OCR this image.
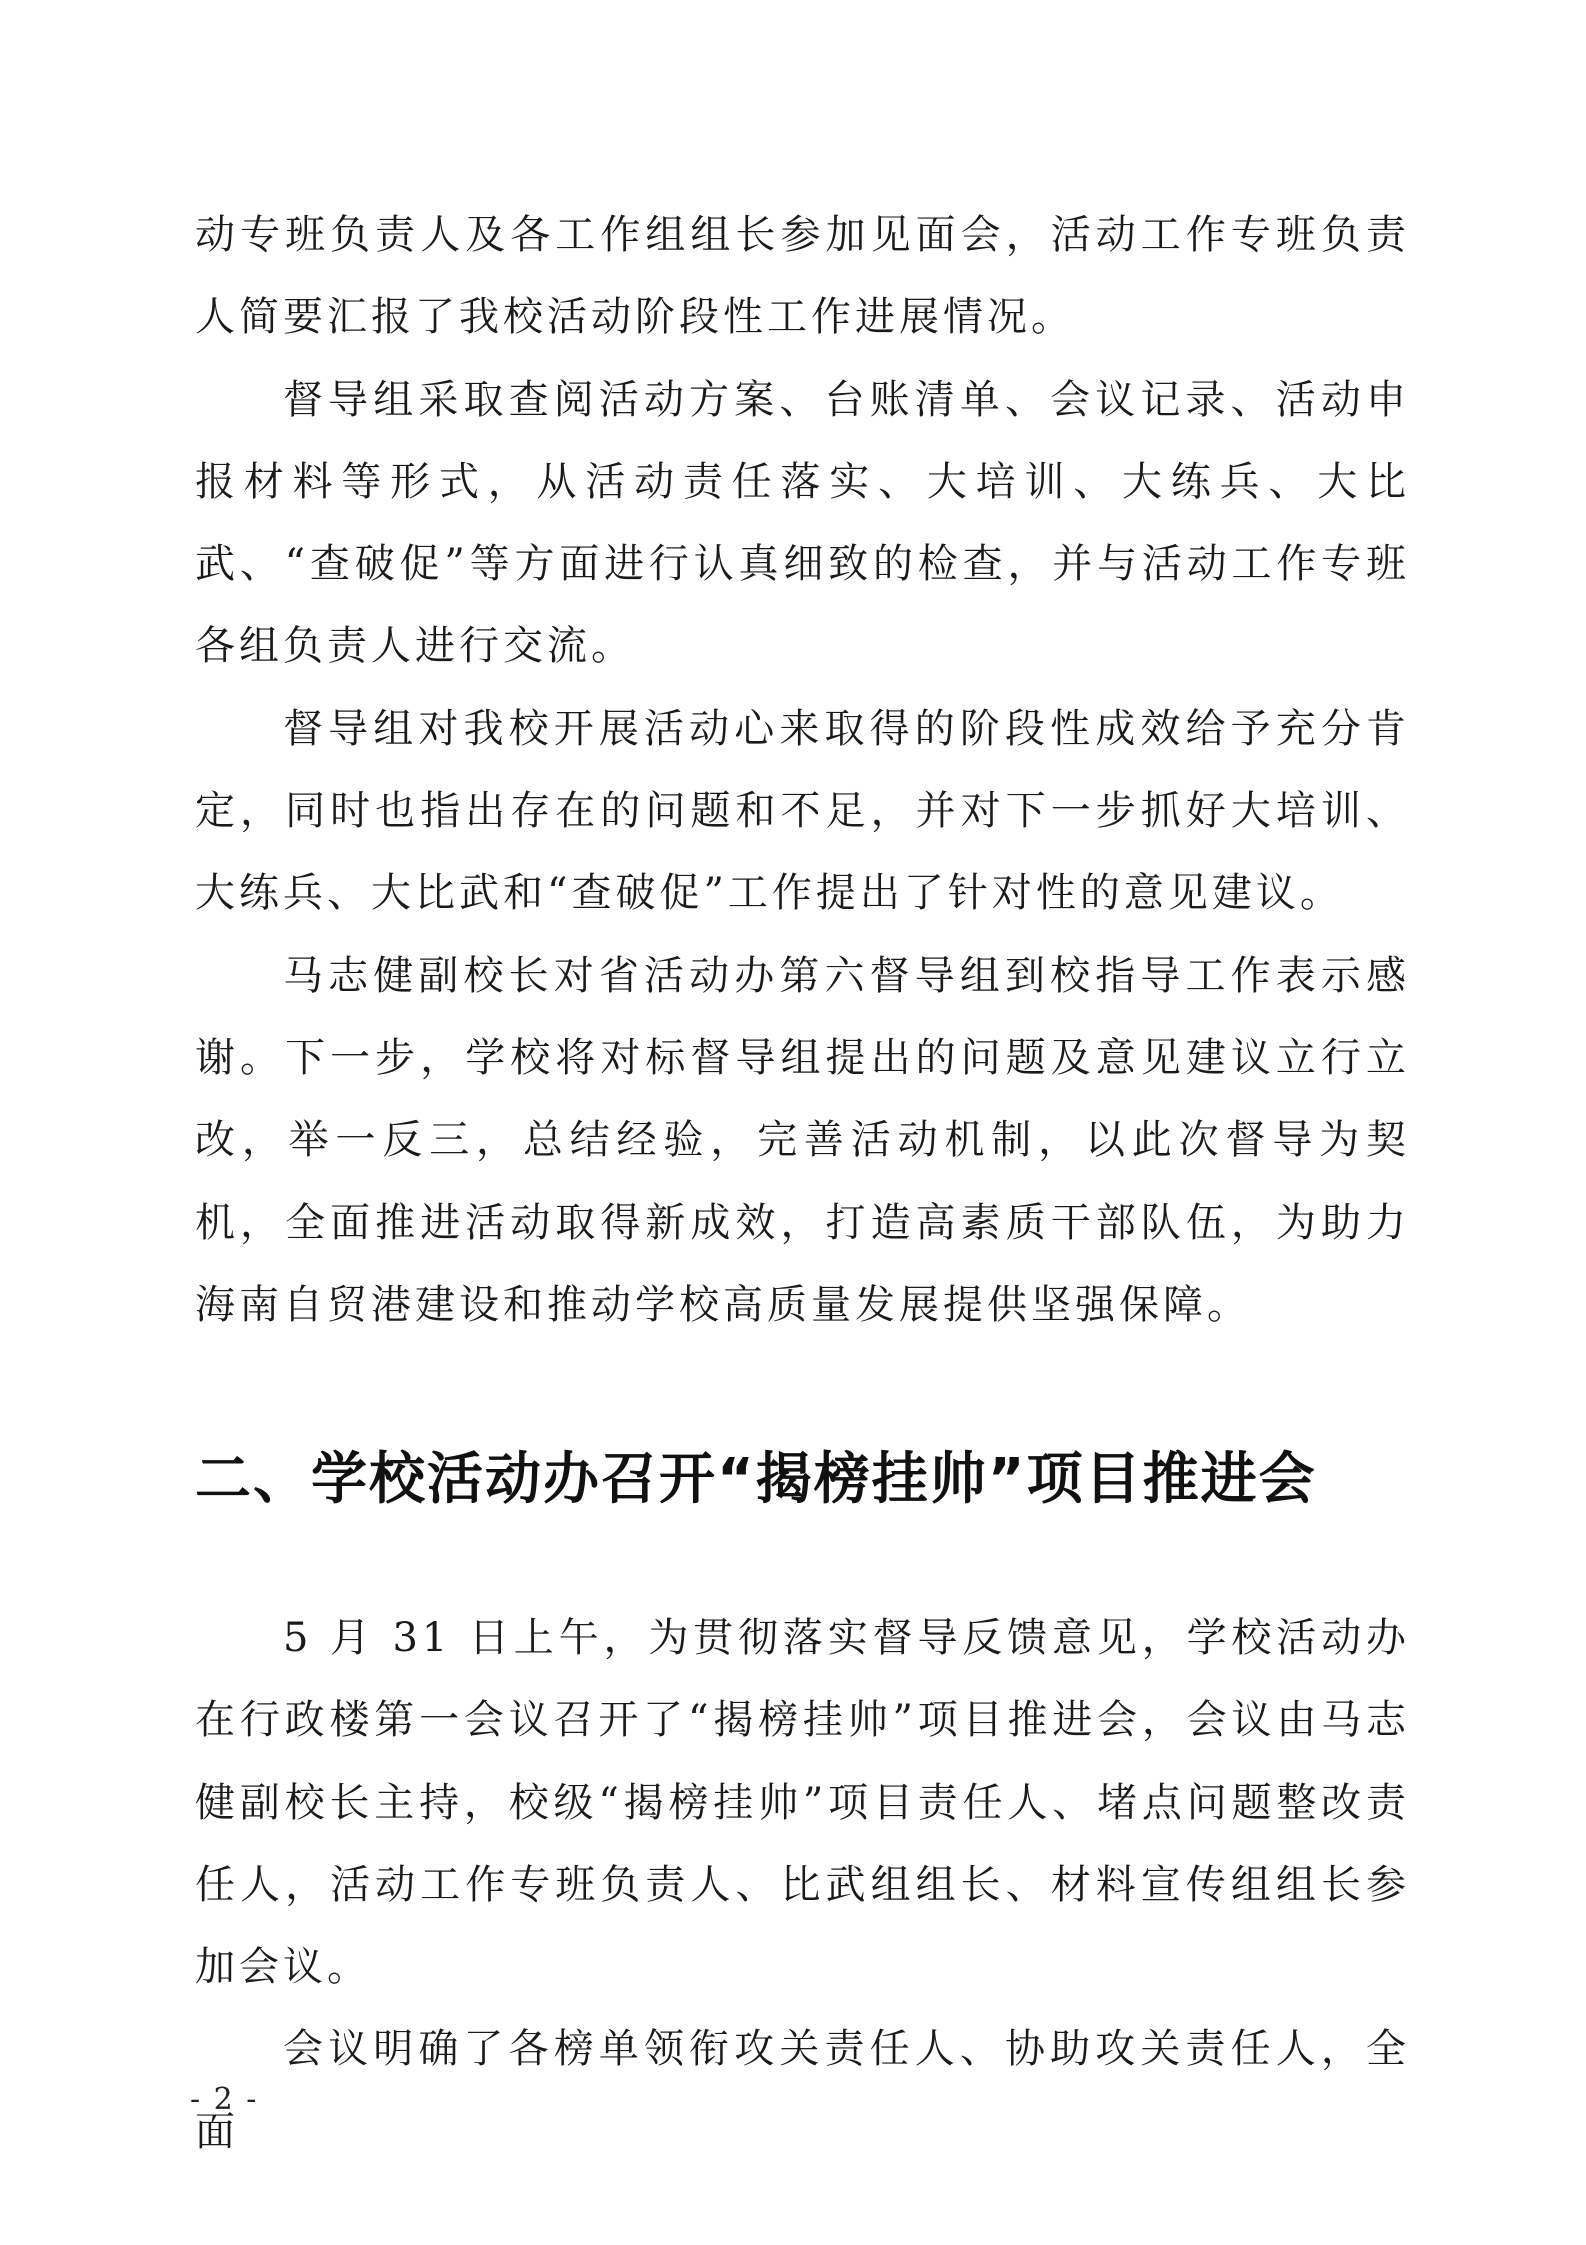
动专班负责人及各工作组组长参加见面会，活动工作专班负责人简要汇报了我校活动阶段性工作进展情况。

督导组采取查阅活动方案、台账清单、会议记录、活动申报材料等形式，从活动责任落实、大培训、大练兵、大比武、“查破促”等方面进行认真细致的检查，并与活动工作专班各组负责人进行交流。

督导组对我校开展活动心来取得的阶段性成效给予充分肯定，同时也指出存在的问题和不足，并对下一步抓好大培训、大练兵、大比武和“查破促”工作提出了针对性的意见建议。

马志健副校长对省活动办第六督导组到校指导工作表示感谢。下一步，学校将对标督导组提出的问题及意见建议立行立改，举一反三，总结经验，完善活动机制，以此次督导为契机，全面推进活动取得新成效，打造高素质干部队伍，为助力海南自贸港建设和推动学校高质量发展提供坚强保障。

二、学校活动办召开“揭榜挂帅”项目推进会

5 月 31 日上午，为贯彻落实督导反馈意见，学校活动办在行政楼第一会议召开了“揭榜挂帅”项目推进会，会议由马志健副校长主持，校级“揭榜挂帅”项目责任人、堵点问题整改责任人，活动工作专班负责人、比武组组长、材料宣传组组长参加会议。

会议明确了各榜单领衔攻关责任人、协助攻关责任人，全面

- 2 -
